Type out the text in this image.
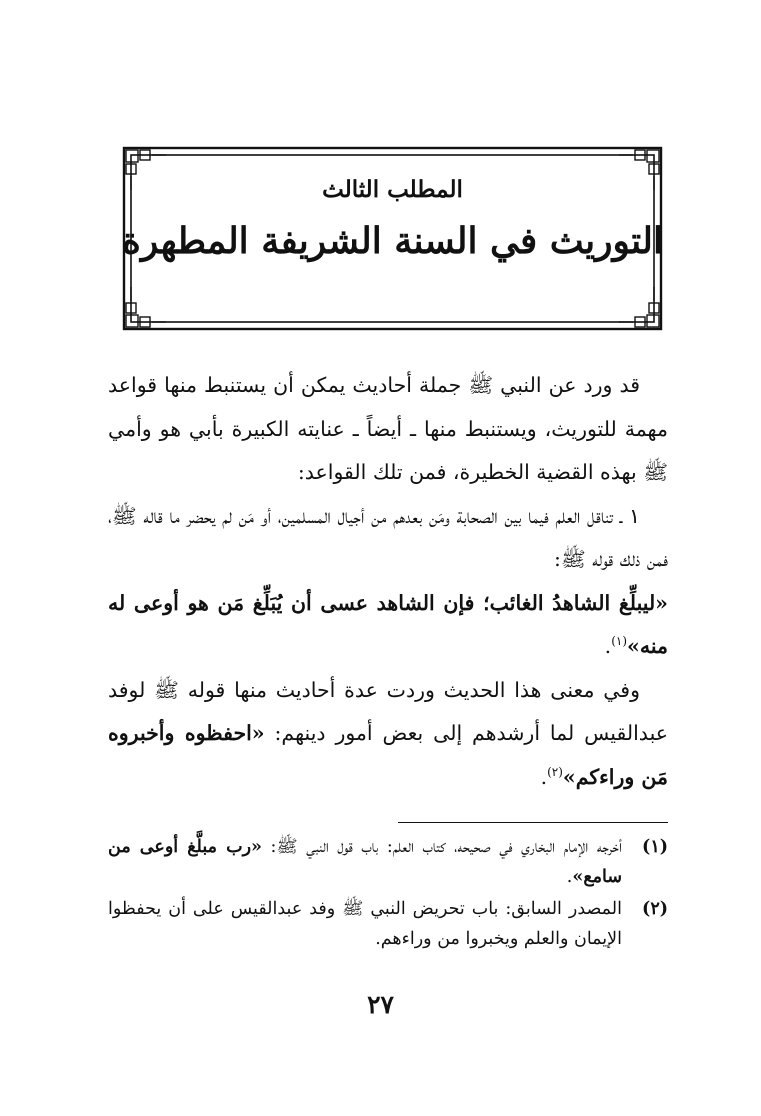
المطلب الثالث
التوريث في السنة الشريفة المطهرة

قد ورد عن النبي ﷺ جملة أحاديث يمكن أن يستنبط منها قواعد مهمة للتوريث، ويستنبط منها ـ أيضاً ـ عنايته الكبيرة بأبي هو وأمي ﷺ بهذه القضية الخطيرة، فمن تلك القواعد:

١ ـ تناقل العلم فيما بين الصحابة ومَن بعدهم من أجيال المسلمين، أو مَن لم يحضر ما قاله ﷺ، فمن ذلك قوله ﷺ:

«ليبلِّغ الشاهدُ الغائب؛ فإن الشاهد عسى أن يُبَلِّغ مَن هو أوعى له منه»$^{(١)}$.

وفي معنى هذا الحديث وردت عدة أحاديث منها قوله ﷺ لوفد عبدالقيس لما أرشدهم إلى بعض أمور دينهم: «احفظوه وأخبروه مَن وراءكم»$^{(٢)}$.

(١)
أخرجه الإمام البخاري في صحيحه، كتاب العلم: باب قول النبي ﷺ: «رب مبلَّغ أوعى من سامع».
(٢)
المصدر السابق: باب تحريض النبي ﷺ وفد عبدالقيس على أن يحفظوا الإيمان والعلم ويخبروا من وراءهم.
٢٧
